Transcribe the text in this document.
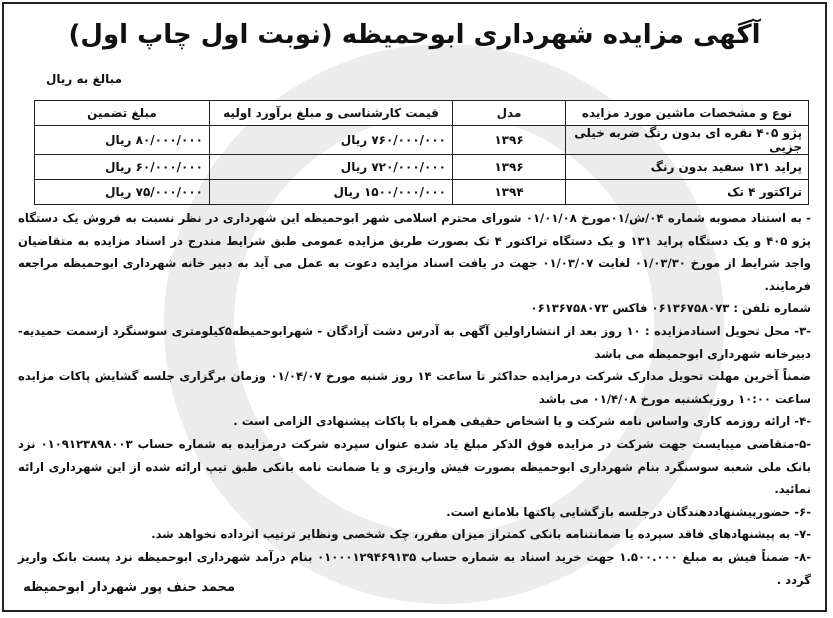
آگهی مزایده شهرداری ابوحمیظه (نوبت اول چاپ اول)
مبالغ به ریال
نوع و مشخصات ماشین مورد مزایده	مدل	قیمت کارشناسی و مبلغ برآورد اولیه	مبلغ تضمین
پژو ۴۰۵ نقره ای بدون رنگ ضربه خیلی جزیی	۱۳۹۶	۷۶۰/۰۰۰/۰۰۰ ریال	۸۰/۰۰۰/۰۰۰ ریال
پراید ۱۳۱ سفید بدون رنگ	۱۳۹۶	۷۲۰/۰۰۰/۰۰۰ ریال	۶۰/۰۰۰/۰۰۰ ریال
تراکتور ۴ تک	۱۳۹۴	۱۵۰۰/۰۰۰/۰۰۰ ریال	۷۵/۰۰۰/۰۰۰ ریال

- به استناد مصوبه شماره ۰۴/ش/۰۱مورخ ۰۱/۰۱/۰۸ شورای محترم اسلامی شهر ابوحمیظه این شهرداری در نظر نسبت به فروش یک دستگاه پژو ۴۰۵ و یک دستگاه پراید ۱۳۱ و یک دستگاه تراکتور ۴ تک بصورت طریق مزایده عمومی طبق شرایط مندرج در اسناد مزایده به متقاضیان واجد شرایط از مورخ ۰۱/۰۳/۳۰ لغایت ۰۱/۰۳/۰۷ جهت در یافت اسناد مزایده دعوت به عمل می آید به دبیر خانه شهرداری ابوحمیظه مراجعه فرمایند.

شماره تلفن : ۰۶۱۳۶۷۵۸۰۷۳ فاکس ۰۶۱۳۶۷۵۸۰۷۳

-۳- محل تحویل اسنادمزایده : ۱۰ روز بعد از انتشاراولین آگهی به آدرس دشت آزادگان - شهرابوحمیظه۵کیلومتری سوسنگرد ازسمت حمیدیه- دبیرخانه شهرداری ابوحمیظه می باشد

ضمناً آخرین مهلت تحویل مدارک شرکت درمزایده حداکثر تا ساعت ۱۴ روز شنبه مورخ ۰۱/۰۴/۰۷ وزمان برگزاری جلسه گشایش پاکات مزایده ساعت ۱۰:۰۰ روزیکشنبه مورخ ۰۱/۴/۰۸ می باشد

-۴- ارائه روزمه کاری واساس نامه شرکت و یا اشخاص حقیقی همراه با پاکات پیشنهادی الزامی است .

-۵-متقاضی میبایست جهت شرکت در مزایده فوق الذکر مبلغ یاد شده عنوان سپرده شرکت درمزایده به شماره حساب ۰۱۰۹۱۲۳۸۹۸۰۰۳ نزد بانک ملی شعبه سوسنگرد بنام شهرداری ابوحمیظه بصورت فیش واریزی و یا ضمانت نامه بانکی طبق تیپ ارائه شده از این شهرداری ارائه نمائید.

-۶- حضورپیشنهاددهندگان درجلسه بازگشایی پاکتها بلامانع است.

-۷- به پیشنهادهای فاقد سپرده یا ضمانتنامه بانکی کمتراز میزان مقرر، چک شخصی ونظایر ترتیب اثرداده نخواهد شد.

-۸- ضمناً فیش به مبلغ ۱.۵۰۰.۰۰۰ جهت خرید اسناد به شماره حساب ۰۱۰۰۰۱۲۹۴۶۹۱۳۵ بنام درآمد شهرداری ابوحمیظه نزد پست بانک واریز گردد .

محمد حنف پور شهردار ابوحمیظه
